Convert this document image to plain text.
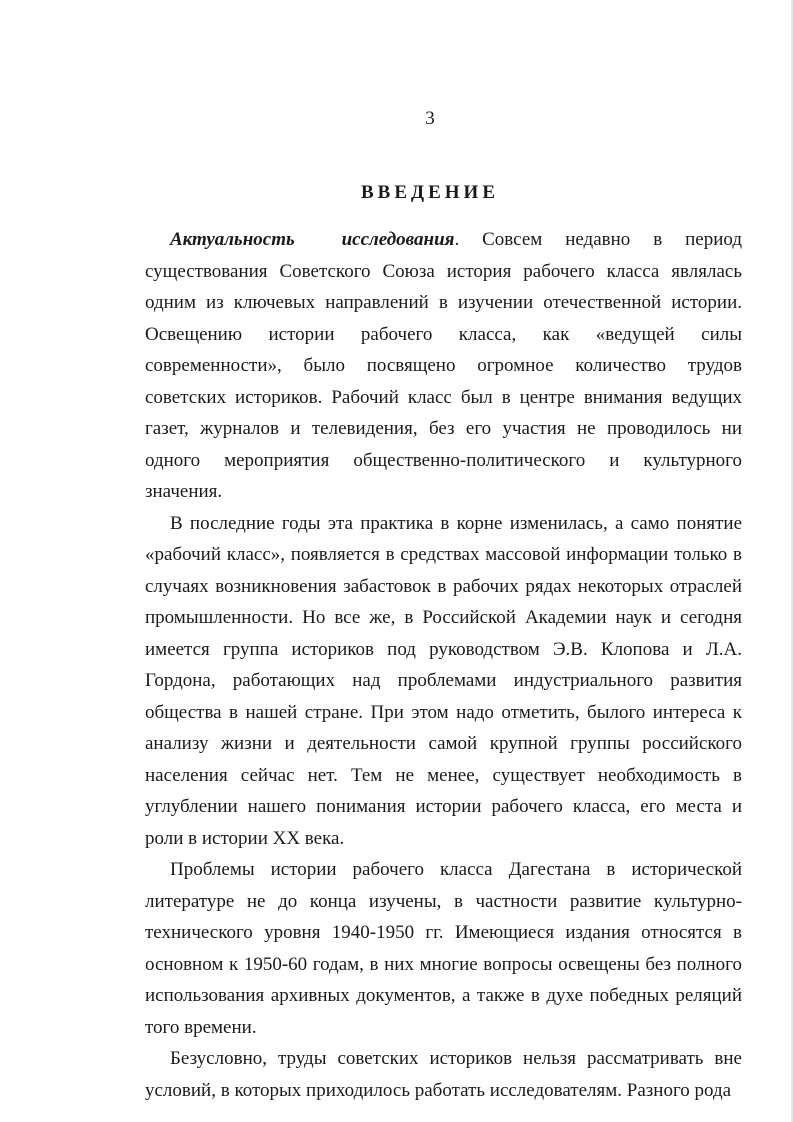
3
ВВЕДЕНИЕ

Актуальность исследования. Совсем недавно в период существования Советского Союза история рабочего класса являлась одним из ключевых направлений в изучении отечественной истории. Освещению истории рабочего класса, как «ведущей силы современности», было посвящено огромное количество трудов советских историков. Рабочий класс был в центре внимания ведущих газет, журналов и телевидения, без его участия не проводилось ни одного мероприятия общественно-политического и культурного значения.

В последние годы эта практика в корне изменилась, а само понятие «рабочий класс», появляется в средствах массовой информации только в случаях возникновения забастовок в рабочих рядах некоторых отраслей промышленности. Но все же, в Российской Академии наук и сегодня имеется группа историков под руководством Э.В. Клопова и Л.А. Гордона, работающих над проблемами индустриального развития общества в нашей стране. При этом надо отметить, былого интереса к анализу жизни и деятельности самой крупной группы российского населения сейчас нет. Тем не менее, существует необходимость в углублении нашего понимания истории рабочего класса, его места и роли в истории XX века.

Проблемы истории рабочего класса Дагестана в исторической литературе не до конца изучены, в частности развитие культурно-технического уровня 1940-1950 гг. Имеющиеся издания относятся в основном к 1950-60 годам, в них многие вопросы освещены без полного использования архивных документов, а также в духе победных реляций того времени.

Безусловно, труды советских историков нельзя рассматривать вне условий, в которых приходилось работать исследователям. Разного рода
